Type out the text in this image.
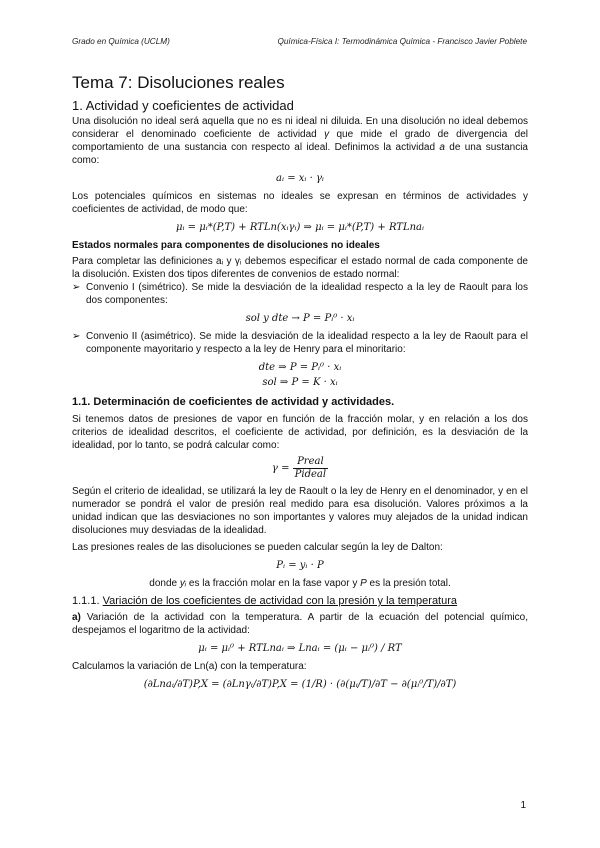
Grado en Química (UCLM)	Química-Física I: Termodinámica Química - Francisco Javier Poblete
Tema 7: Disoluciones reales
1. Actividad y coeficientes de actividad

Una disolución no ideal será aquella que no es ni ideal ni diluida. En una disolución no ideal debemos considerar el denominado coeficiente de actividad γ que mide el grado de divergencia del comportamiento de una sustancia con respecto al ideal. Definimos la actividad a de una sustancia como:

aᵢ = xᵢ · γᵢ

Los potenciales químicos en sistemas no ideales se expresan en términos de actividades y coeficientes de actividad, de modo que:

μᵢ = μᵢ*(P,T) + RTLn(xᵢγᵢ) ⇒ μᵢ = μᵢ*(P,T) + RTLnaᵢ
Estados normales para componentes de disoluciones no ideales

Para completar las definiciones aᵢ y γᵢ debemos especificar el estado normal de cada componente de la disolución. Existen dos tipos diferentes de convenios de estado normal:

➢ Convenio I (simétrico). Se mide la desviación de la idealidad respecto a la ley de Raoult para los dos componentes:
sol y dte → P = Pᵢ⁰ · xᵢ
➢ Convenio II (asimétrico). Se mide la desviación de la idealidad respecto a la ley de Raoult para el componente mayoritario y respecto a la ley de Henry para el minoritario:
dte ⇒ P = Pᵢ⁰ · xᵢ
sol ⇒ P = K · xᵢ
1.1. Determinación de coeficientes de actividad y actividades.

Si tenemos datos de presiones de vapor en función de la fracción molar, y en relación a los dos criterios de idealidad descritos, el coeficiente de actividad, por definición, es la desviación de la idealidad, por lo tanto, se podrá calcular como:

$\gamma = \frac{\text{Preal}}{\text{Pideal}}$

Según el criterio de idealidad, se utilizará la ley de Raoult o la ley de Henry en el denominador, y en el numerador se pondrá el valor de presión real medido para esa disolución. Valores próximos a la unidad indican que las desviaciones no son importantes y valores muy alejados de la unidad indican disoluciones muy desviadas de la idealidad.

Las presiones reales de las disoluciones se pueden calcular según la ley de Dalton:

Pᵢ = yᵢ · P

donde yᵢ es la fracción molar en la fase vapor y P es la presión total.

1.1.1. Variación de los coeficientes de actividad con la presión y la temperatura

a) Variación de la actividad con la temperatura. A partir de la ecuación del potencial químico, despejamos el logaritmo de la actividad:

μᵢ = μᵢ⁰ + RTLnaᵢ ⇒ Lnaᵢ = (μᵢ − μᵢ⁰) / RT

Calculamos la variación de Ln(a) con la temperatura:

(∂Lnaᵢ/∂T)P,X = (∂Lnγᵢ/∂T)P,X = (1/R) · (∂(μᵢ/T)/∂T − ∂(μᵢ⁰/T)/∂T)
1
